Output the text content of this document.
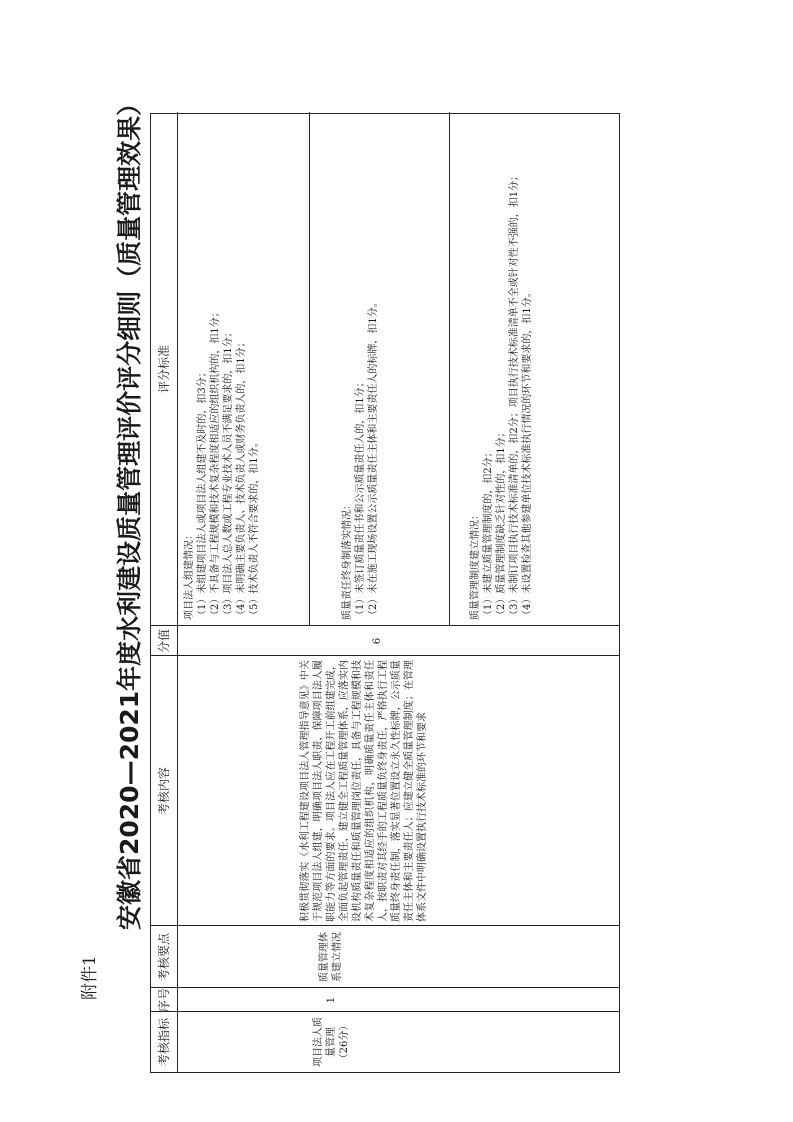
附件1
安徽省2020—2021年度水利建设质量管理评价评分细则（质量管理效果）
考核指标
序号
考核要点
考核内容
分值
评分标准
项目法人质量管理（26分）
1
质量管理体系建立情况
积极贯彻落实《水利工程建设项目法人管理指导意见》中关于规范项目法人组建，明确项目法人职责，保障项目法人履职能力等方面的要求。项目法人应在工程开工前组建完成，全面负起管理责任，建立健全工程质量管理体系，应落实内设机构质量责任和质量管理岗位责任，具备与工程规模和技术复杂程度相适应的组织机构，明确质量责任主体和责任人，按职责对其经手的工程质量负终身责任，严格执行工程质量终身责任制，落实显著位置设立永久性标牌，公示质量责任主体和主要责任人；应建立健全质量管理制度；在管理体系文件中明确设置执行技术标准的环节和要求
6

项目法人组建情况： （1）未组建项目法人或项目法人组建不及时的，扣3分； （2）不具备与工程规模和技术复杂程度相适应的组织机构的，扣1分； （3）项目法人总人数或工程专业技术人员不满足要求的，扣1分； （4）未明确主要负责人、技术负责人或财务负责人的，扣1分； （5）技术负责人不符合要求的，扣1分。	质量责任终身制落实情况： （1）未签订质量责任书和公示质量责任人的，扣1分； （2）未在施工现场设置公示质量责任主体和主要责任人的标牌，扣1分。	质量管理制度建立情况： （1）未建立质量管理制度的，扣2分； （2）质量管理制度缺乏针对性的，扣1分； （3）未制订项目执行技术标准清单的，扣2分；项目执行技术标准清单不全或针对性不强的，扣1分； （4）未设置检查其他参建单位技术标准执行情况的环节和要求的，扣1分。
